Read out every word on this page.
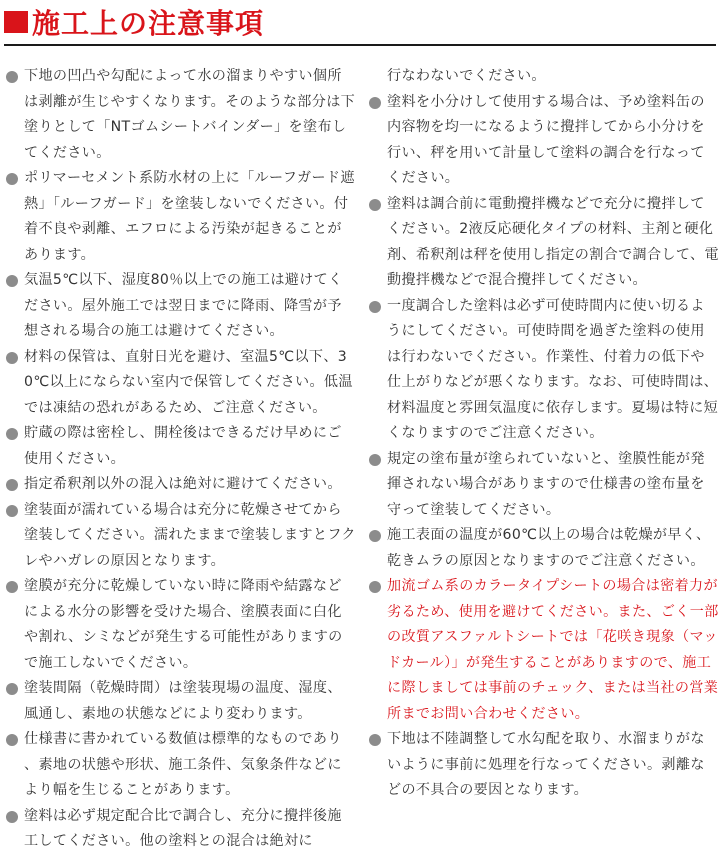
施工上の注意事項
下地の凹凸や勾配によって水の溜まりやすい個所は剥離が生じやすくなります。そのような部分は下塗りとして「NTゴムシートバインダー」を塗布してください。
ポリマーセメント系防水材の上に「ルーフガード遮熱」「ルーフガード」を塗装しないでください。付着不良や剥離、エフロによる汚染が起きることがあります。
気温5℃以下、湿度80％以上での施工は避けてください。屋外施工では翌日までに降雨、降雪が予想される場合の施工は避けてください。
材料の保管は、直射日光を避け、室温5℃以下、30℃以上にならない室内で保管してください。低温では凍結の恐れがあるため、ご注意ください。
貯蔵の際は密栓し、開栓後はできるだけ早めにご使用ください。
指定希釈剤以外の混入は絶対に避けてください。
塗装面が濡れている場合は充分に乾燥させてから塗装してください。濡れたままで塗装しますとフクレやハガレの原因となります。
塗膜が充分に乾燥していない時に降雨や結露などによる水分の影響を受けた場合、塗膜表面に白化や割れ、シミなどが発生する可能性がありますので施工しないでください。
塗装間隔（乾燥時間）は塗装現場の温度、湿度、風通し、素地の状態などにより変わります。
仕様書に書かれている数値は標準的なものであり、素地の状態や形状、施工条件、気象条件などにより幅を生じることがあります。
塗料は必ず規定配合比で調合し、充分に攪拌後施工してください。他の塗料との混合は絶対に
行なわないでください。
塗料を小分けして使用する場合は、予め塗料缶の内容物を均一になるように攪拌してから小分けを行い、秤を用いて計量して塗料の調合を行なってください。
塗料は調合前に電動攪拌機などで充分に攪拌してください。2液反応硬化タイプの材料、主剤と硬化剤、希釈剤は秤を使用し指定の割合で調合して、電動攪拌機などで混合攪拌してください。
一度調合した塗料は必ず可使時間内に使い切るようにしてください。可使時間を過ぎた塗料の使用は行わないでください。作業性、付着力の低下や仕上がりなどが悪くなります。なお、可使時間は、材料温度と雰囲気温度に依存します。夏場は特に短くなりますのでご注意ください。
規定の塗布量が塗られていないと、塗膜性能が発揮されない場合がありますので仕様書の塗布量を守って塗装してください。
施工表面の温度が60℃以上の場合は乾燥が早く、乾きムラの原因となりますのでご注意ください。
加流ゴム系のカラータイプシートの場合は密着力が劣るため、使用を避けてください。また、ごく一部の改質アスファルトシートでは「花咲き現象（マッドカール）」が発生することがありますので、施工に際しましては事前のチェック、または当社の営業所までお問い合わせください。
下地は不陸調整して水勾配を取り、水溜まりがないように事前に処理を行なってください。剥離などの不具合の要因となります。
